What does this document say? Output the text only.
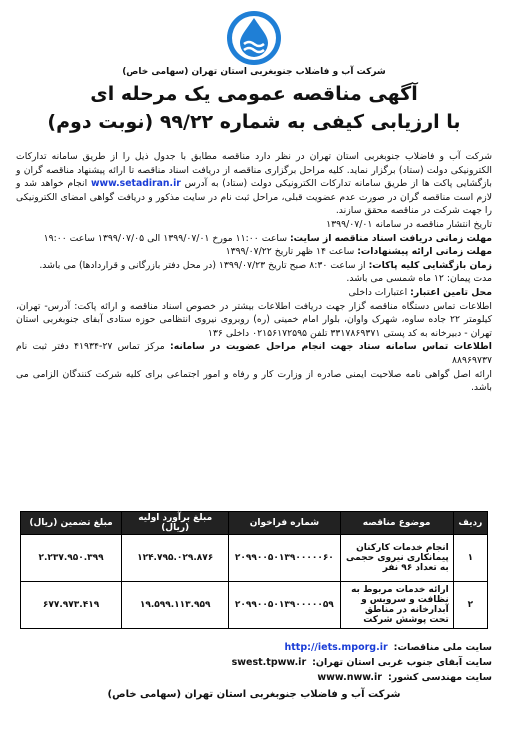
شرکت آب و فاضلاب جنوبغربی استان تهران (سهامی خاص)
آگهی مناقصه عمومی یک مرحله ای
با ارزیابی کیفی به شماره ۹۹/۲۲ (نوبت دوم)

شرکت آب و فاضلاب جنوبغربی استان تهران در نظر دارد مناقصه مطابق با جدول ذیل را از طریق سامانه تدارکات الکترونیکی دولت (ستاد) برگزار نماید. کلیه مراحل برگزاری مناقصه از دریافت اسناد مناقصه تا ارائه پیشنهاد مناقصه گران و بازگشایی پاکت ها از طریق سامانه تدارکات الکترونیکی دولت (ستاد) به آدرس www.setadiran.ir انجام خواهد شد و لازم است مناقصه گران در صورت عدم عضویت قبلی، مراحل ثبت نام در سایت مذکور و دریافت گواهی امضای الکترونیکی را جهت شرکت در مناقصه محقق سازند.

تاریخ انتشار مناقصه در سامانه ۱۳۹۹/۰۷/۰۱

مهلت زمانی دریافت اسناد مناقصه از سایت: ساعت ۱۱:۰۰ مورخ ۱۳۹۹/۰۷/۰۱ الی ۱۳۹۹/۰۷/۰۵ ساعت ۱۹:۰۰

مهلت زمانی ارائه پیشنهادات: ساعت ۱۴ ظهر تاریخ ۱۳۹۹/۰۷/۲۲

زمان بازگشایی کلیه پاکات: از ساعت ۸:۳۰ صبح تاریخ ۱۳۹۹/۰۷/۲۳ (در محل دفتر بازرگانی و قراردادها) می باشد.

مدت پیمان: ۱۲ ماه شمسی می باشد.

محل تامین اعتبار: اعتبارات داخلی

اطلاعات تماس دستگاه مناقصه گزار جهت دریافت اطلاعات بیشتر در خصوص اسناد مناقصه و ارائه پاکت: آدرس- تهران، کیلومتر ۲۲ جاده ساوه، شهرک واوان، بلوار امام خمینی (ره) روبروی نیروی انتظامی حوزه ستادی آبفای جنوبغربی استان تهران - دبیرخانه به کد پستی ۳۳۱۷۸۶۹۳۷۱ تلفن ۰۲۱۵۶۱۷۲۵۹۵ داخلی ۱۳۶

اطلاعات تماس سامانه ستاد جهت انجام مراحل عضویت در سامانه: مرکز تماس ۲۷-۴۱۹۳۴ دفتر ثبت نام ۸۸۹۶۹۷۳۷

ارائه اصل گواهی نامه صلاحیت ایمنی صادره از وزارت کار و رفاه و امور اجتماعی برای کلیه شرکت کنندگان الزامی می باشد.

ردیف	موضوع مناقصه	شماره فراخوان	مبلغ برآورد اولیه (ریال)	مبلغ تضمین (ریال)
۱	انجام خدمات کارکنان پیمانکاری نیروی حجمی به تعداد ۹۶ نفر	۲۰۹۹۰۰۵۰۱۳۹۰۰۰۰۰۶۰	۱۲۴.۷۹۵.۰۲۹.۸۷۶	۲.۲۳۷.۹۵۰.۳۹۹
۲	ارائه خدمات مربوط به نظافت و سرویس و آبدارخانه در مناطق تحت پوشش شرکت	۲۰۹۹۰۰۵۰۱۳۹۰۰۰۰۰۵۹	۱۹.۵۹۹.۱۱۳.۹۵۹	۶۷۷.۹۷۳.۴۱۹
سایت ملی مناقصات:
http://iets.mporg.ir
سایت آبفای جنوب غربی استان تهران:
swest.tpww.ir
سایت مهندسی کشور:
www.nww.ir
شرکت آب و فاضلاب جنوبغربی استان تهران (سهامی خاص)
